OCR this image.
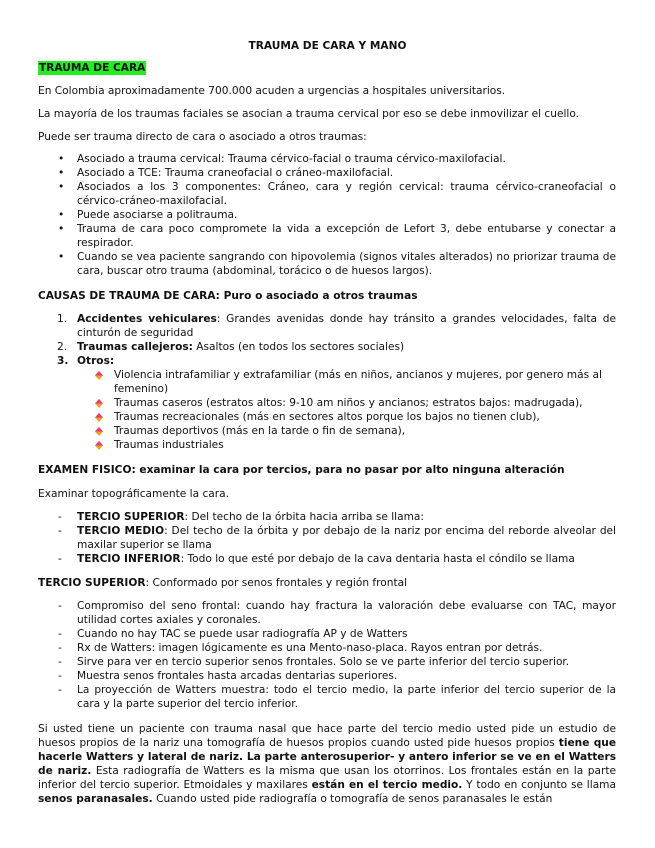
TRAUMA DE CARA Y MANO
TRAUMA DE CARA
En Colombia aproximadamente 700.000 acuden a urgencias a hospitales universitarios.
La mayoría de los traumas faciales se asocian a trauma cervical por eso se debe inmovilizar el cuello.
Puede ser trauma directo de cara o asociado a otros traumas:
• Asociado a trauma cervical: Trauma cérvico-facial o trauma cérvico-maxilofacial.
• Asociado a TCE: Trauma craneofacial o cráneo-maxilofacial.
• Asociados a los 3 componentes: Cráneo, cara y región cervical: trauma cérvico-craneofacial o cérvico-cráneo-maxilofacial.
• Puede asociarse a politrauma.
• Trauma de cara poco compromete la vida a excepción de Lefort 3, debe entubarse y conectar a respirador.
• Cuando se vea paciente sangrando con hipovolemia (signos vitales alterados) no priorizar trauma de cara, buscar otro trauma (abdominal, torácico o de huesos largos).
CAUSAS DE TRAUMA DE CARA: Puro o asociado a otros traumas
1. Accidentes vehiculares: Grandes avenidas donde hay tránsito a grandes velocidades, falta de cinturón de seguridad
2. Traumas callejeros: Asaltos (en todos los sectores sociales)
3. Otros:
Violencia intrafamiliar y extrafamiliar (más en niños, ancianos y mujeres, por genero más al femenino)
Traumas caseros (estratos altos: 9-10 am niños y ancianos; estratos bajos: madrugada),
Traumas recreacionales (más en sectores altos porque los bajos no tienen club),
Traumas deportivos (más en la tarde o fin de semana),
Traumas industriales
EXAMEN FISICO: examinar la cara por tercios, para no pasar por alto ninguna alteración
Examinar topográficamente la cara.
- TERCIO SUPERIOR: Del techo de la órbita hacia arriba se llama:
- TERCIO MEDIO: Del techo de la órbita y por debajo de la nariz por encima del reborde alveolar del maxilar superior se llama
- TERCIO INFERIOR: Todo lo que esté por debajo de la cava dentaria hasta el cóndilo se llama
TERCIO SUPERIOR: Conformado por senos frontales y región frontal
- Compromiso del seno frontal: cuando hay fractura la valoración debe evaluarse con TAC, mayor utilidad cortes axiales y coronales.
- Cuando no hay TAC se puede usar radiografía AP y de Watters
- Rx de Watters: imagen lógicamente es una Mento-naso-placa. Rayos entran por detrás.
- Sirve para ver en tercio superior senos frontales. Solo se ve parte inferior del tercio superior.
- Muestra senos frontales hasta arcadas dentarias superiores.
- La proyección de Watters muestra: todo el tercio medio, la parte inferior del tercio superior de la cara y la parte superior del tercio inferior.
Si usted tiene un paciente con trauma nasal que hace parte del tercio medio usted pide un estudio de huesos propios de la nariz una tomografía de huesos propios cuando usted pide huesos propios tiene que hacerle Watters y lateral de nariz. La parte anterosuperior- y antero inferior se ve en el Watters de nariz. Esta radiografía de Watters es la misma que usan los otorrinos. Los frontales están en la parte inferior del tercio superior. Etmoidales y maxilares están en el tercio medio. Y todo en conjunto se llama senos paranasales. Cuando usted pide radiografía o tomografía de senos paranasales le están
